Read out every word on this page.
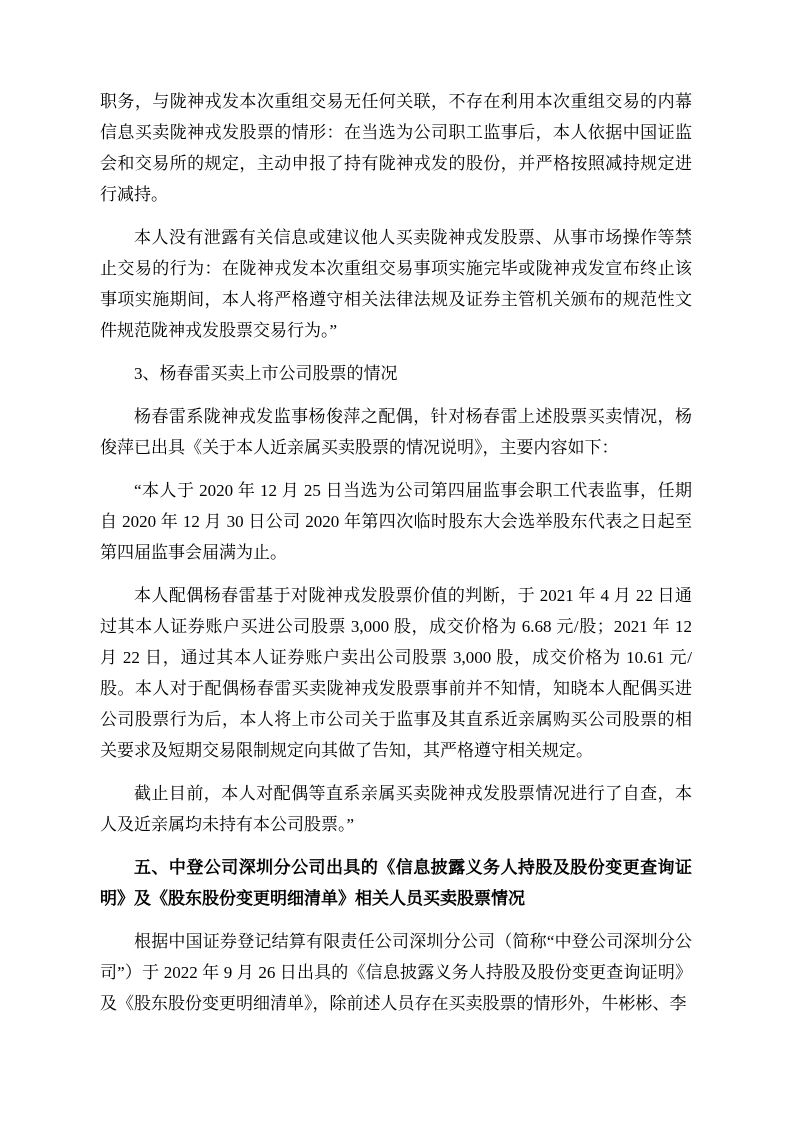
职务，与陇神戎发本次重组交易无任何关联，不存在利用本次重组交易的内幕信息买卖陇神戎发股票的情形：在当选为公司职工监事后，本人依据中国证监会和交易所的规定，主动申报了持有陇神戎发的股份，并严格按照减持规定进行减持。

本人没有泄露有关信息或建议他人买卖陇神戎发股票、从事市场操作等禁止交易的行为：在陇神戎发本次重组交易事项实施完毕或陇神戎发宣布终止该事项实施期间，本人将严格遵守相关法律法规及证券主管机关颁布的规范性文件规范陇神戎发股票交易行为。”

3、杨春雷买卖上市公司股票的情况

杨春雷系陇神戎发监事杨俊萍之配偶，针对杨春雷上述股票买卖情况，杨俊萍已出具《关于本人近亲属买卖股票的情况说明》，主要内容如下：

“本人于 2020 年 12 月 25 日当选为公司第四届监事会职工代表监事，任期自 2020 年 12 月 30 日公司 2020 年第四次临时股东大会选举股东代表之日起至第四届监事会届满为止。

本人配偶杨春雷基于对陇神戎发股票价值的判断，于 2021 年 4 月 22 日通过其本人证券账户买进公司股票 3,000 股，成交价格为 6.68 元/股；2021 年 12 月 22 日，通过其本人证券账户卖出公司股票 3,000 股，成交价格为 10.61 元/股。本人对于配偶杨春雷买卖陇神戎发股票事前并不知情，知晓本人配偶买进公司股票行为后，本人将上市公司关于监事及其直系近亲属购买公司股票的相关要求及短期交易限制规定向其做了告知，其严格遵守相关规定。

截止目前，本人对配偶等直系亲属买卖陇神戎发股票情况进行了自查，本人及近亲属均未持有本公司股票。”

五、中登公司深圳分公司出具的《信息披露义务人持股及股份变更查询证明》及《股东股份变更明细清单》相关人员买卖股票情况

根据中国证券登记结算有限责任公司深圳分公司（简称“中登公司深圳分公司”）于 2022 年 9 月 26 日出具的《信息披露义务人持股及股份变更查询证明》及《股东股份变更明细清单》，除前述人员存在买卖股票的情形外，牛彬彬、李
